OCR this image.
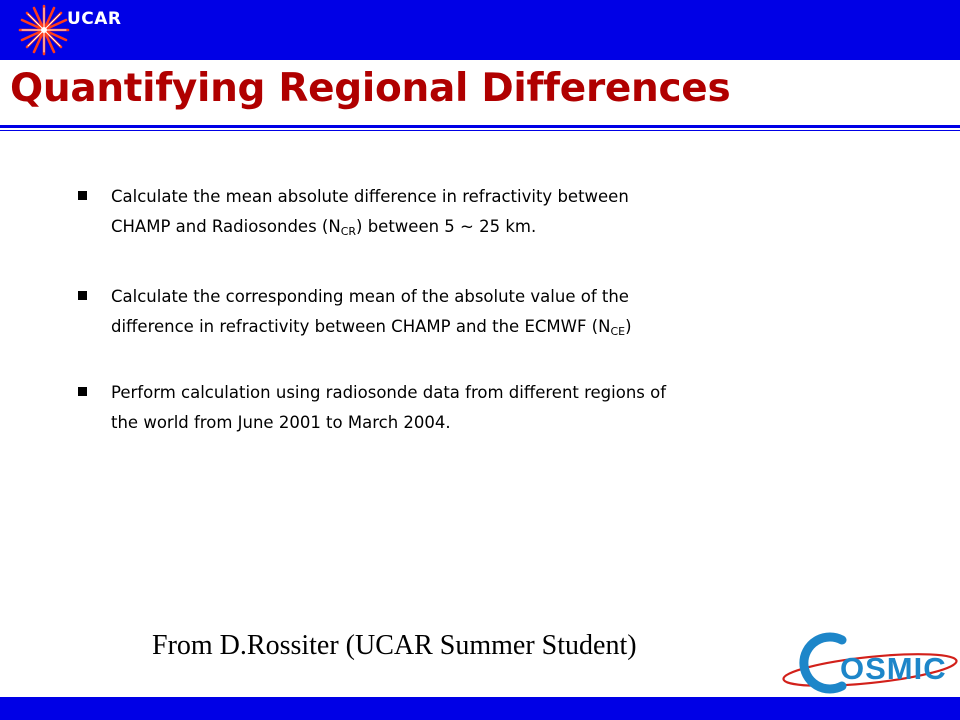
UCAR
Quantifying Regional Differences
Calculate the mean absolute difference in refractivity between
CHAMP and Radiosondes $(N_{CR})$ between 5 ~ 25 km.
Calculate the corresponding mean of the absolute value of the
difference in refractivity between CHAMP and the ECMWF $(N_{CE})$
Perform calculation using radiosonde data from different regions of
the world from June 2001 to March 2004.
From D.Rossiter (UCAR Summer Student)
OSMIC
